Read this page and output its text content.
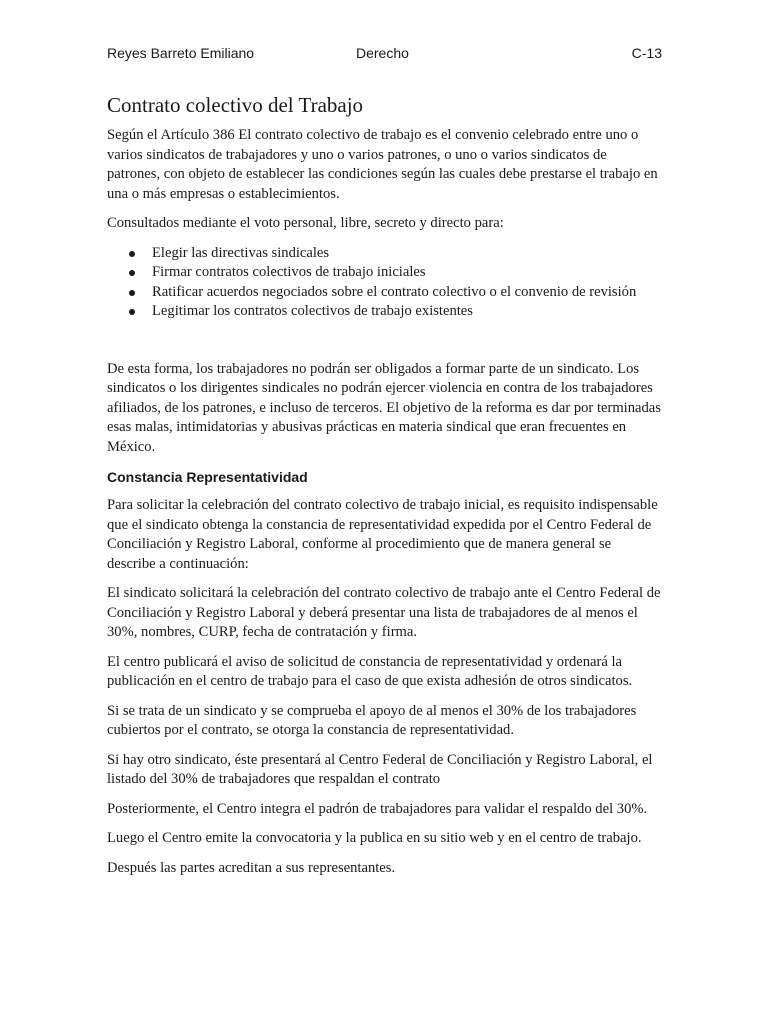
Reyes Barreto Emiliano	Derecho	C-13
Contrato colectivo del Trabajo

Según el Artículo 386 El contrato colectivo de trabajo es el convenio celebrado entre uno o varios sindicatos de trabajadores y uno o varios patrones, o uno o varios sindicatos de patrones, con objeto de establecer las condiciones según las cuales debe prestarse el trabajo en una o más empresas o establecimientos.

Consultados mediante el voto personal, libre, secreto y directo para:

Elegir las directivas sindicales
Firmar contratos colectivos de trabajo iniciales
Ratificar acuerdos negociados sobre el contrato colectivo o el convenio de revisión
Legitimar los contratos colectivos de trabajo existentes

De esta forma, los trabajadores no podrán ser obligados a formar parte de un sindicato. Los sindicatos o los dirigentes sindicales no podrán ejercer violencia en contra de los trabajadores afiliados, de los patrones, e incluso de terceros. El objetivo de la reforma es dar por terminadas esas malas, intimidatorias y abusivas prácticas en materia sindical que eran frecuentes en México.

Constancia Representatividad

Para solicitar la celebración del contrato colectivo de trabajo inicial, es requisito indispensable que el sindicato obtenga la constancia de representatividad expedida por el Centro Federal de Conciliación y Registro Laboral, conforme al procedimiento que de manera general se describe a continuación:

El sindicato solicitará la celebración del contrato colectivo de trabajo ante el Centro Federal de Conciliación y Registro Laboral y deberá presentar una lista de trabajadores de al menos el 30%, nombres, CURP, fecha de contratación y firma.

El centro publicará el aviso de solicitud de constancia de representatividad y ordenará la publicación en el centro de trabajo para el caso de que exista adhesión de otros sindicatos.

Si se trata de un sindicato y se comprueba el apoyo de al menos el 30% de los trabajadores cubiertos por el contrato, se otorga la constancia de representatividad.

Si hay otro sindicato, éste presentará al Centro Federal de Conciliación y Registro Laboral, el listado del 30% de trabajadores que respaldan el contrato

Posteriormente, el Centro integra el padrón de trabajadores para validar el respaldo del 30%.

Luego el Centro emite la convocatoria y la publica en su sitio web y en el centro de trabajo.

Después las partes acreditan a sus representantes.
